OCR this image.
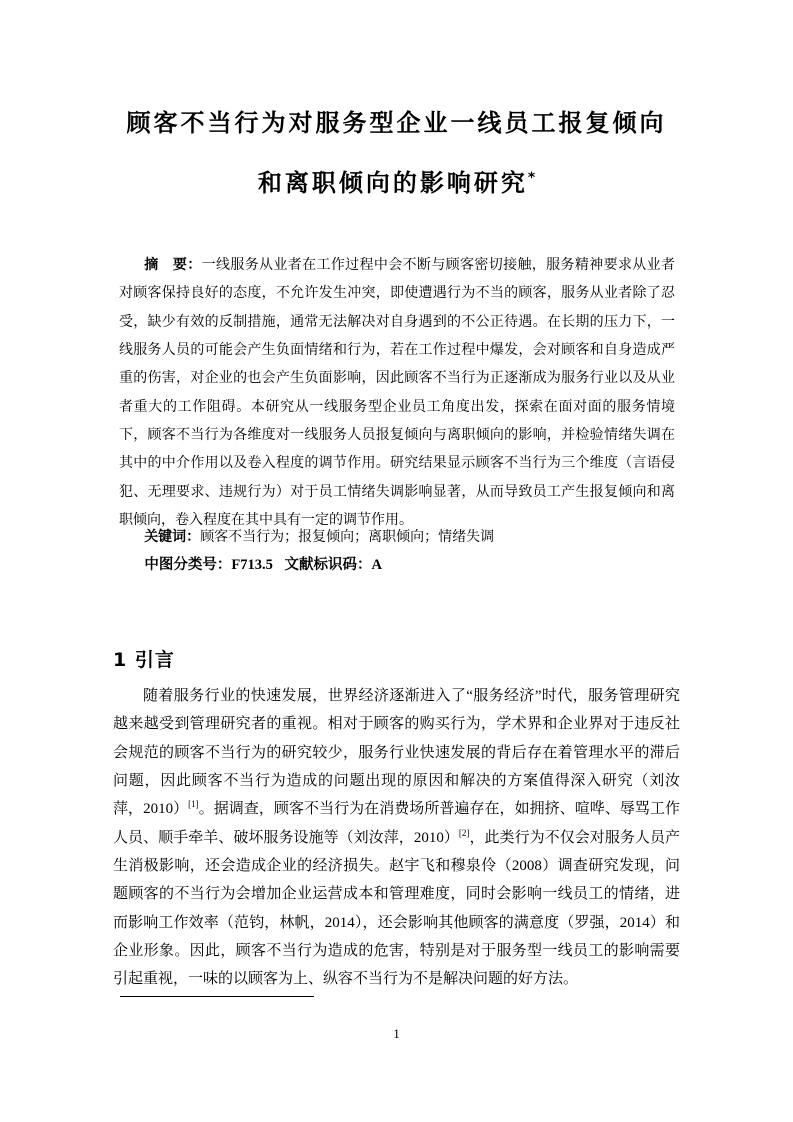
顾客不当行为对服务型企业一线员工报复倾向
和离职倾向的影响研究*

摘　要：一线服务从业者在工作过程中会不断与顾客密切接触，服务精神要求从业者对顾客保持良好的态度，不允许发生冲突，即使遭遇行为不当的顾客，服务从业者除了忍受，缺少有效的反制措施，通常无法解决对自身遇到的不公正待遇。在长期的压力下，一线服务人员的可能会产生负面情绪和行为，若在工作过程中爆发，会对顾客和自身造成严重的伤害，对企业的也会产生负面影响，因此顾客不当行为正逐渐成为服务行业以及从业者重大的工作阻碍。本研究从一线服务型企业员工角度出发，探索在面对面的服务情境下，顾客不当行为各维度对一线服务人员报复倾向与离职倾向的影响，并检验情绪失调在其中的中介作用以及卷入程度的调节作用。研究结果显示顾客不当行为三个维度（言语侵犯、无理要求、违规行为）对于员工情绪失调影响显著，从而导致员工产生报复倾向和离职倾向，卷入程度在其中具有一定的调节作用。

关键词：顾客不当行为；报复倾向；离职倾向；情绪失调

中图分类号：F713.5 文献标识码：A

1 引言

随着服务行业的快速发展，世界经济逐渐进入了“服务经济”时代，服务管理研究越来越受到管理研究者的重视。相对于顾客的购买行为，学术界和企业界对于违反社会规范的顾客不当行为的研究较少，服务行业快速发展的背后存在着管理水平的滞后问题，因此顾客不当行为造成的问题出现的原因和解决的方案值得深入研究（刘汝萍，2010）[1]。据调查，顾客不当行为在消费场所普遍存在，如拥挤、喧哗、辱骂工作人员、顺手牵羊、破坏服务设施等（刘汝萍，2010）[2]，此类行为不仅会对服务人员产生消极影响，还会造成企业的经济损失。赵宇飞和穆泉伶（2008）调查研究发现，问题顾客的不当行为会增加企业运营成本和管理难度，同时会影响一线员工的情绪，进而影响工作效率（范钧，林帆，2014），还会影响其他顾客的满意度（罗强，2014）和企业形象。因此，顾客不当行为造成的危害，特别是对于服务型一线员工的影响需要引起重视，一味的以顾客为上、纵容不当行为不是解决问题的好方法。

1
